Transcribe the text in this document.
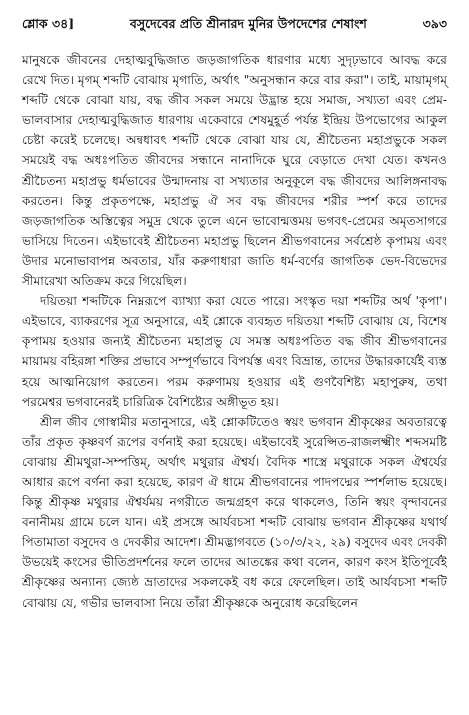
শ্লোক ৩৪]	বসুদেবের প্রতি শ্রীনারদ মুনির উপদেশের শেষাংশ	৩৯৩

মানুষকে জীবনের দেহাত্মবুদ্ধিজাত জড়জাগতিক ধারণার মধ্যে সুদৃঢ়ভাবে আবদ্ধ করে রেখে দিত। মৃগম্ শব্দটি বোঝায় মৃগাতি, অর্থাৎ "অনুসন্ধান করে বার করা"। তাই, মায়ামৃগম্ শব্দটি থেকে বোঝা যায়, বদ্ধ জীব সকল সময়ে উদ্ভ্রান্ত হয়ে সমাজ, সখ্যতা এবং প্রেম-ভালবাসার দেহাত্মবুদ্ধিজাত ধারণায় একেবারে শেষমুহূর্ত পর্যন্ত ইন্দ্রিয় উপভোগের আকুল চেষ্টা করেই চলেছে। অন্বধাবৎ শব্দটি থেকে বোঝা যায় যে, শ্রীচৈতন্য মহাপ্রভুকে সকল সময়েই বদ্ধ অধঃপতিত জীবদের সন্ধানে নানাদিকে ঘুরে বেড়াতে দেখা যেত। কখনও শ্রীচৈতন্য মহাপ্রভু ধর্মভাবের উন্মাদনায় বা সখ্যতার অনুকূলে বদ্ধ জীবদের আলিঙ্গনাবদ্ধ করতেন। কিন্তু প্রকৃতপক্ষে, মহাপ্রভু ঐ সব বদ্ধ জীবদের শরীর স্পর্শ করে তাদের জড়জাগতিক অস্তিত্বের সমুদ্র থেকে তুলে এনে ভাবোন্মত্তময় ভগবৎ-প্রেমের অমৃতসাগরে ভাসিয়ে দিতেন। এইভাবেই শ্রীচৈতন্য মহাপ্রভু ছিলেন শ্রীভগবানের সর্বশ্রেষ্ঠ কৃপাময় এবং উদার মনোভাবাপন্ন অবতার, যাঁর করুণাধারা জাতি ধর্ম-বর্ণের জাগতিক ভেদ-বিভেদের সীমারেখা অতিক্রম করে গিয়েছিল।

দয়িতয়া শব্দটিকে নিম্নরূপে ব্যাখ্যা করা যেতে পারে। সংস্কৃত দয়া শব্দটির অর্থ 'কৃপা'। এইভাবে, ব্যাকরণের সূত্র অনুসারে, এই শ্লোকে ব্যবহৃত দয়িতয়া শব্দটি বোঝায় যে, বিশেষ কৃপাময় হওয়ার জন্যই শ্রীচৈতন্য মহাপ্রভু যে সমস্ত অধঃপতিত বদ্ধ জীব শ্রীভগবানের মায়াময় বহিরঙ্গা শক্তির প্রভাবে সম্পূর্ণভাবে বিপর্যস্ত এবং বিভ্রান্ত, তাদের উদ্ধারকার্যেই ব্যস্ত হয়ে আত্মনিয়োগ করতেন। পরম করুণাময় হওয়ার এই গুণবৈশিষ্ট্য মহাপুরুষ, তথা পরমেশ্বর ভগবানেরই চারিত্রিক বৈশিষ্ট্যের অঙ্গীভূত হয়।

শ্রীল জীব গোস্বামীর মতানুসারে, এই শ্লোকটিতেও স্বয়ং ভগবান শ্রীকৃষ্ণের অবতারত্বে তাঁর প্রকৃত কৃষ্ণবর্ণ রূপের বর্ণনাই করা হয়েছে। এইভাবেই সুরেপ্সিত-রাজলক্ষ্মীং শব্দসমষ্টি বোঝায় শ্রীমথুরা-সম্পত্তিম্, অর্থাৎ মথুরার ঐশ্বর্য। বৈদিক শাস্ত্রে মথুরাকে সকল ঐশ্বর্যের আধার রূপে বর্ণনা করা হয়েছে, কারণ ঐ ধামে শ্রীভগবানের পাদপদ্মের স্পর্শলাভ হয়েছে। কিন্তু শ্রীকৃষ্ণ মথুরার ঐশ্বর্যময় নগরীতে জন্মগ্রহণ করে থাকলেও, তিনি স্বয়ং বৃন্দাবনের বনানীময় গ্রামে চলে যান। এই প্রসঙ্গে আর্যবচসা শব্দটি বোঝায় ভগবান শ্রীকৃষ্ণের যথার্থ পিতামাতা বসুদেব ও দেবকীর আদেশ। শ্রীমদ্ভাগবতে (১০/৩/২২, ২৯) বসুদেব এবং দেবকী উভয়েই কংসের ভীতিপ্রদর্শনের ফলে তাদের আতঙ্কের কথা বলেন, কারণ কংস ইতিপূর্বেই শ্রীকৃষ্ণের অন্যান্য জ্যেষ্ঠ ভ্রাতাদের সকলকেই বধ করে ফেলেছিল। তাই আর্যবচসা শব্দটি বোঝায় যে, গভীর ভালবাসা নিয়ে তাঁরা শ্রীকৃষ্ণকে অনুরোধ করেছিলেন
